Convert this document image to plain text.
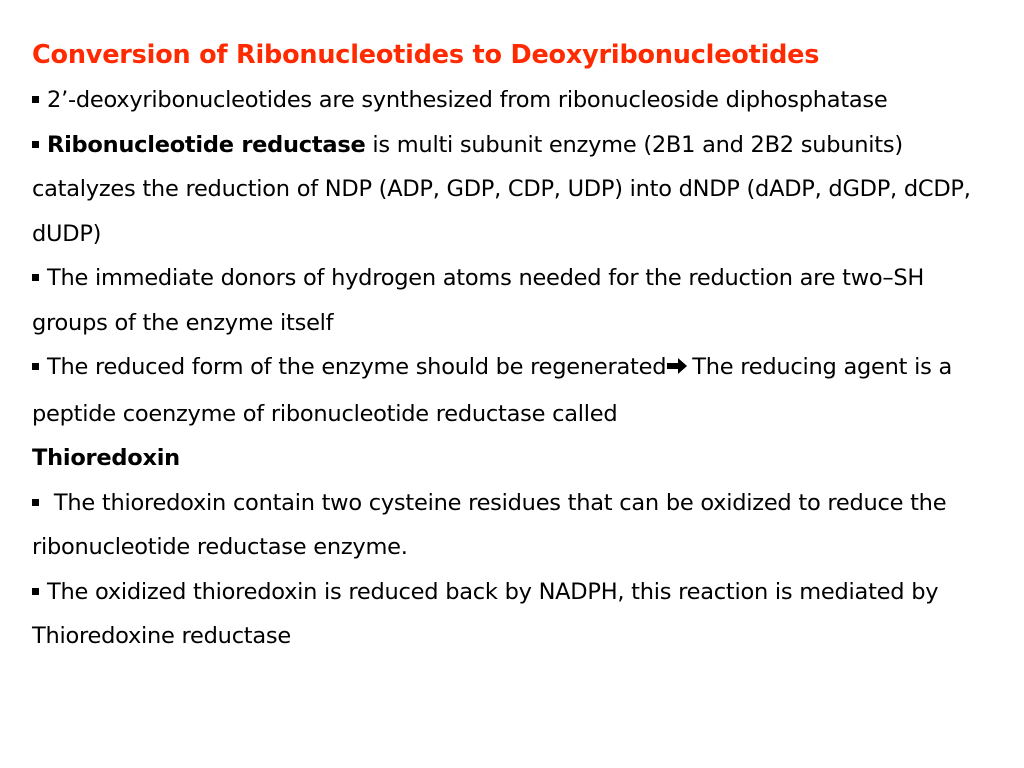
Conversion of Ribonucleotides to Deoxyribonucleotides
2’-deoxyribonucleotides are synthesized from ribonucleoside diphosphatase
Ribonucleotide reductase is multi subunit enzyme (2B1 and 2B2 subunits) catalyzes the reduction of NDP (ADP, GDP, CDP, UDP) into dNDP (dADP, dGDP, dCDP, dUDP)
The immediate donors of hydrogen atoms needed for the reduction are two–SH groups of the enzyme itself
The reduced form of the enzyme should be regenerated The reducing agent is a peptide coenzyme of ribonucleotide reductase called
Thioredoxin
The thioredoxin contain two cysteine residues that can be oxidized to reduce the ribonucleotide reductase enzyme.
The oxidized thioredoxin is reduced back by NADPH, this reaction is mediated by Thioredoxine reductase
